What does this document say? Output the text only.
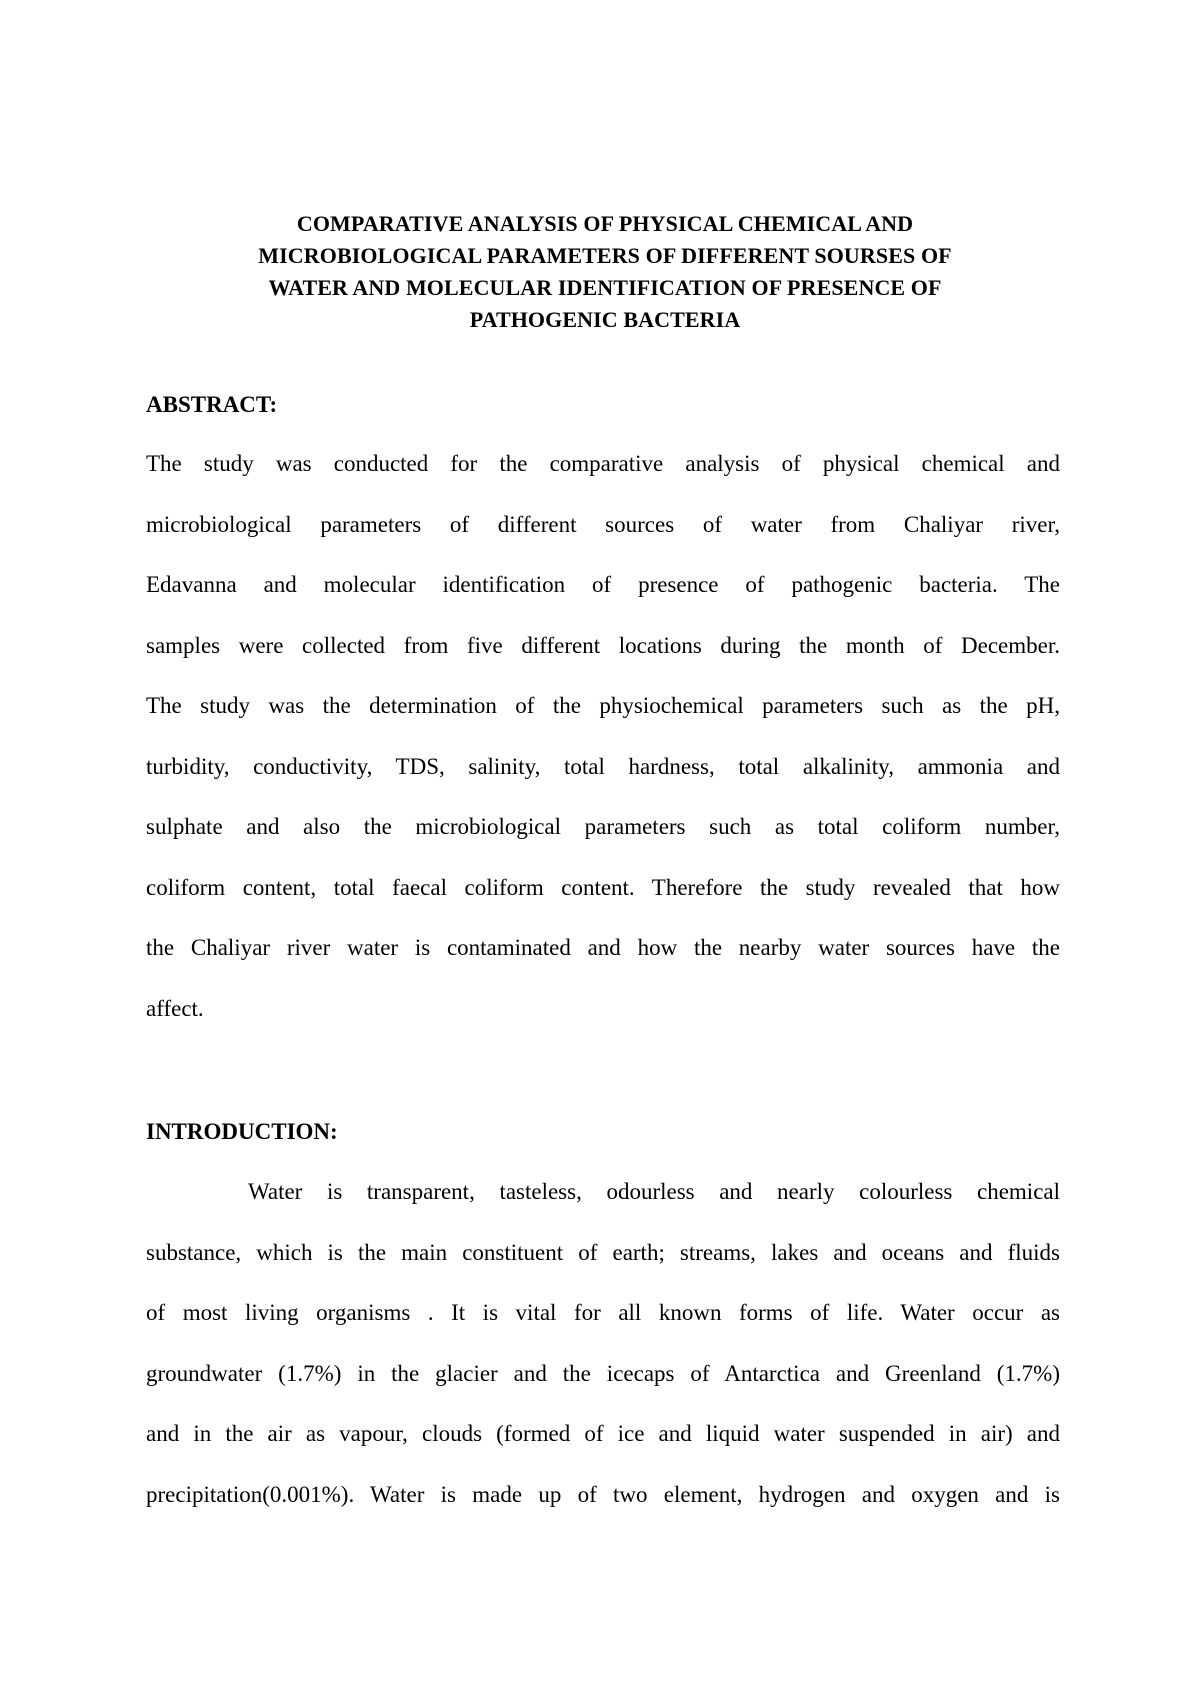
COMPARATIVE ANALYSIS OF PHYSICAL CHEMICAL AND
MICROBIOLOGICAL PARAMETERS OF DIFFERENT SOURSES OF
WATER AND MOLECULAR IDENTIFICATION OF PRESENCE OF
PATHOGENIC BACTERIA
ABSTRACT:
The study was conducted for the comparative analysis of physical chemical and
microbiological parameters of different sources of water from Chaliyar river,
Edavanna and molecular identification of presence of pathogenic bacteria. The
samples were collected from five different locations during the month of December.
The study was the determination of the physiochemical parameters such as the pH,
turbidity, conductivity, TDS, salinity, total hardness, total alkalinity, ammonia and
sulphate and also the microbiological parameters such as total coliform number,
coliform content, total faecal coliform content. Therefore the study revealed that how
the Chaliyar river water is contaminated and how the nearby water sources have the
affect.
INTRODUCTION:
Water is transparent, tasteless, odourless and nearly colourless chemical
substance, which is the main constituent of earth; streams, lakes and oceans and fluids
of most living organisms . It is vital for all known forms of life. Water occur as
groundwater (1.7%) in the glacier and the icecaps of Antarctica and Greenland (1.7%)
and in the air as vapour, clouds (formed of ice and liquid water suspended in air) and
precipitation(0.001%). Water is made up of two element, hydrogen and oxygen and is
